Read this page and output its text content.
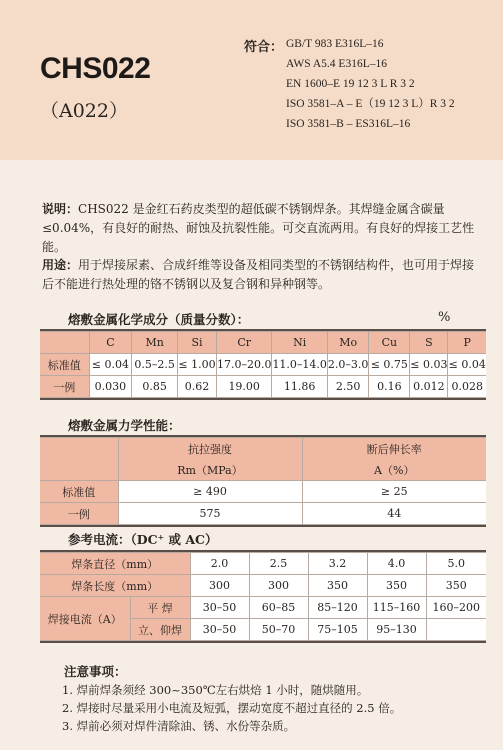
CHS022
（A022）
符合： GB/T 983 E316L–16
AWS A5.4 E316L–16
EN 1600–E 19 12 3 L R 3 2
ISO 3581–A – E（19 12 3 L）R 3 2
ISO 3581–B – ES316L–16
说明：CHS022 是金红石药皮类型的超低碳不锈钢焊条。其焊缝金属含碳量≤0.04%，有良好的耐热、耐蚀及抗裂性能。可交直流两用。有良好的焊接工艺性能。
用途：用于焊接尿素、合成纤维等设备及相同类型的不锈钢结构件，也可用于焊接后不能进行热处理的铬不锈钢以及复合钢和异种钢等。
熔敷金属化学成分（质量分数）：	%
	C	Mn	Si	Cr	Ni	Mo	Cu	S	P
标准值	≤ 0.04	0.5–2.5	≤ 1.00	17.0–20.0	11.0–14.0	2.0–3.0	≤ 0.75	≤ 0.03	≤ 0.04
一例	0.030	0.85	0.62	19.00	11.86	2.50	0.16	0.012	0.028
熔敷金属力学性能：
	抗拉强度	断后伸长率
	Rm（MPa）	A（%）
标准值	≥ 490	≥ 25
一例	575	44
参考电流：（DC⁺ 或 AC）
焊条直径（mm）		2.0	2.5	3.2	4.0	5.0
焊条长度（mm）		300	300	350	350	350
焊接电流（A）	平 焊	30–50	60–85	85–120	115–160	160–200
	立、仰焊	30–50	50–70	75–105	95–130	
注意事项：
1. 焊前焊条须经 300~350℃左右烘焙 1 小时，随烘随用。
2. 焊接时尽量采用小电流及短弧，摆动宽度不超过直径的 2.5 倍。
3. 焊前必须对焊件清除油、锈、水份等杂质。
